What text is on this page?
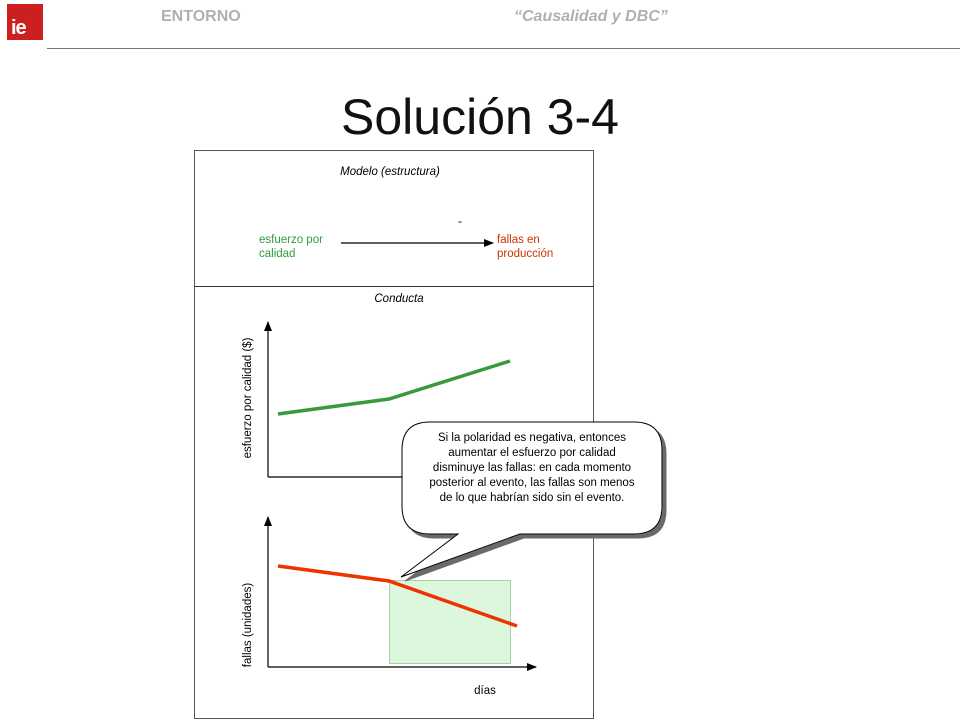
ie
ENTORNO	“Causalidad y DBC”
Solución 3-4
Modelo (estructura)
esfuerzo por calidad
fallas en producción
-
Conducta
esfuerzo por calidad ($)
fallas (unidades)
días
Si la polaridad es negativa, entonces
aumentar el esfuerzo por calidad
disminuye las fallas: en cada momento
posterior al evento, las fallas son menos
de lo que habrían sido sin el evento.
